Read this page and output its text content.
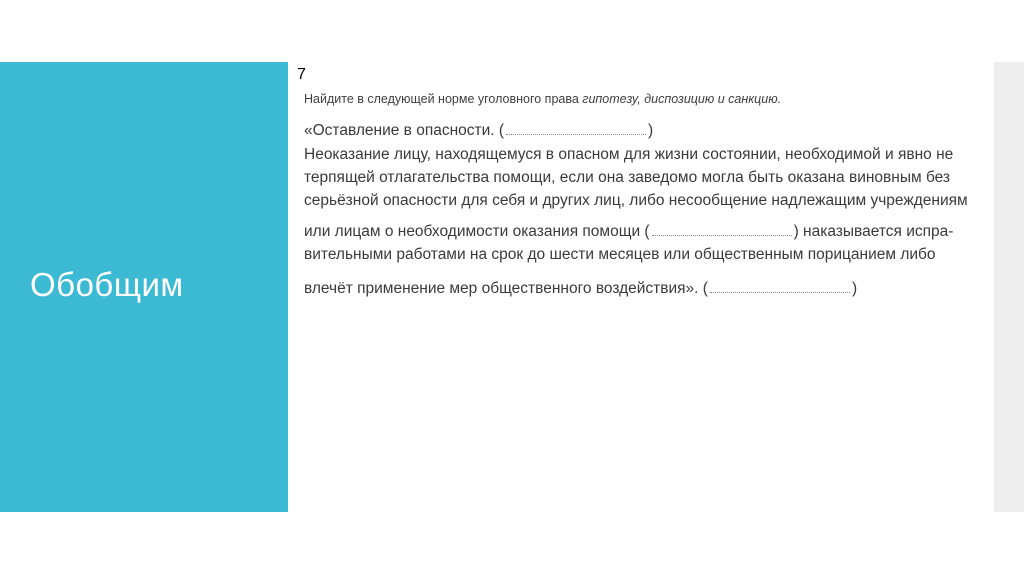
Обобщим
7
Найдите в следующей норме уголовного права гипотезу, диспозицию и санкцию.
«Оставление в опасности. (	)
Неоказание лицу, находящемуся в опасном для жизни состоянии, необходимой и явно не
терпящей отлагательства помощи, если она заведомо могла быть оказана виновным без
серьёзной опасности для себя и других лиц, либо несообщение надлежащим учреждениям
или лицам о необходимости оказания помощи (	) наказывается испра-
вительными работами на срок до шести месяцев или общественным порицанием либо
влечёт применение мер общественного воздействия». (	)
